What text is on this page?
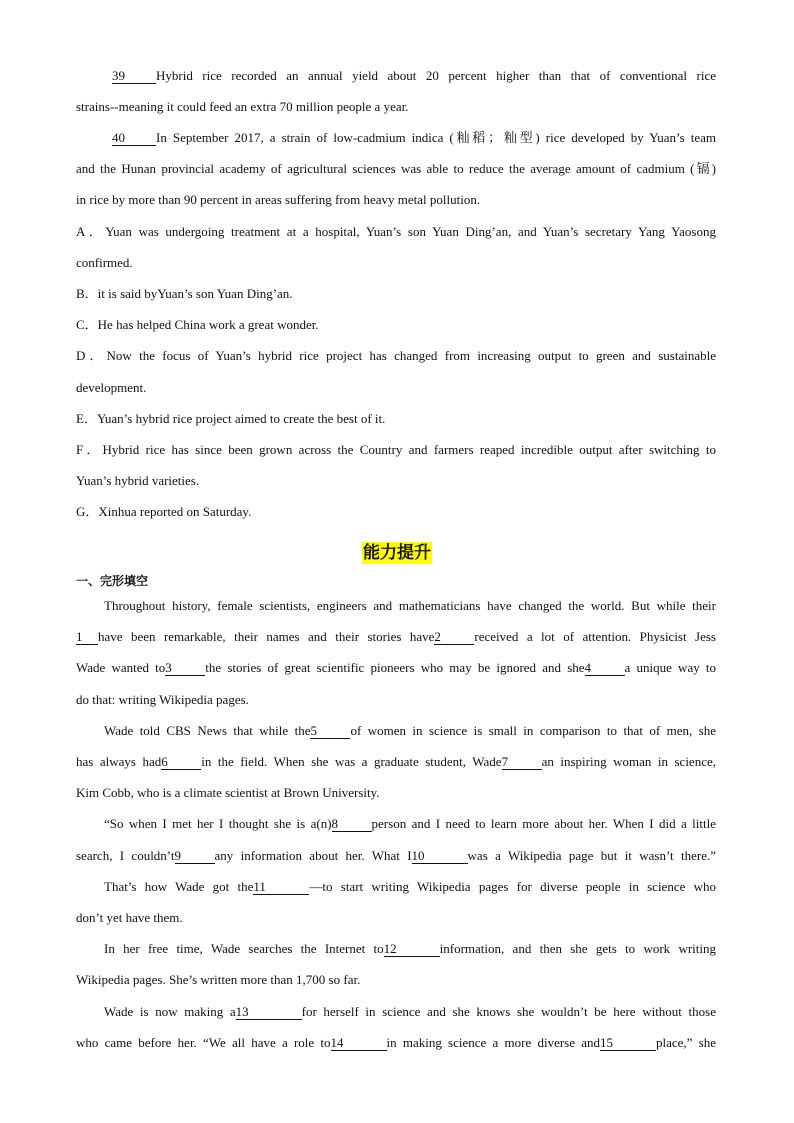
39 Hybrid rice recorded an annual yield about 20 percent higher than that of conventional rice
strains--meaning it could feed an extra 70 million people a year.
40 In September 2017, a strain of low-cadmium indica (籼稻；籼型) rice developed by Yuan’s team
and the Hunan provincial academy of agricultural sciences was able to reduce the average amount of cadmium (镉)
in rice by more than 90 percent in areas suffering from heavy metal pollution.
A．Yuan was undergoing treatment at a hospital, Yuan’s son Yuan Ding’an, and Yuan’s secretary Yang Yaosong
confirmed.
B．it is said byYuan’s son Yuan Ding’an.
C．He has helped China work a great wonder.
D．Now the focus of Yuan’s hybrid rice project has changed from increasing output to green and sustainable
development.
E．Yuan’s hybrid rice project aimed to create the best of it.
F．Hybrid rice has since been grown across the Country and farmers reaped incredible output after switching to
Yuan’s hybrid varieties.
G．Xinhua reported on Saturday.
能力提升
一、完形填空
Throughout history, female scientists, engineers and mathematicians have changed the world. But while their
1 have been remarkable, their names and their stories have2	received a lot of attention. Physicist Jess
Wade wanted to3	the stories of great scientific pioneers who may be ignored and she4	a unique way to
do that: writing Wikipedia pages.
Wade told CBS News that while the5	of women in science is small in comparison to that of men, she
has always had6	in the field. When she was a graduate student, Wade7	an inspiring woman in science,
Kim Cobb, who is a climate scientist at Brown University.
“So when I met her I thought she is a(n)8	person and I need to learn more about her. When I did a little
search, I couldn’t9	any information about her. What I10	was a Wikipedia page but it wasn’t there.”
That’s how Wade got the11	—to start writing Wikipedia pages for diverse people in science who
don’t yet have them.
In her free time, Wade searches the Internet to12	information, and then she gets to work writing
Wikipedia pages. She’s written more than 1,700 so far.
Wade is now making a13	for herself in science and she knows she wouldn’t be here without those
who came before her. “We all have a role to14	in making science a more diverse and15	place,” she
